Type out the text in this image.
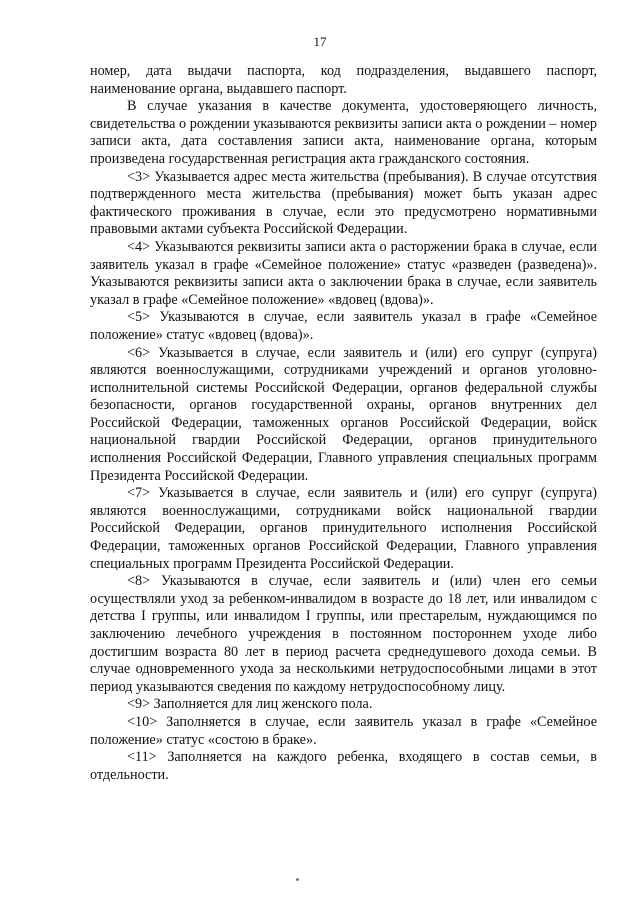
17

номер, дата выдачи паспорта, код подразделения, выдавшего паспорт, наименование органа, выдавшего паспорт.

В случае указания в качестве документа, удостоверяющего личность, свидетельства о рождении указываются реквизиты записи акта о рождении – номер записи акта, дата составления записи акта, наименование органа, которым произведена государственная регистрация акта гражданского состояния.

<3> Указывается адрес места жительства (пребывания). В случае отсутствия подтвержденного места жительства (пребывания) может быть указан адрес фактического проживания в случае, если это предусмотрено нормативными правовыми актами субъекта Российской Федерации.

<4> Указываются реквизиты записи акта о расторжении брака в случае, если заявитель указал в графе «Семейное положение» статус «разведен (разведена)». Указываются реквизиты записи акта о заключении брака в случае, если заявитель указал в графе «Семейное положение» «вдовец (вдова)».

<5> Указываются в случае, если заявитель указал в графе «Семейное положение» статус «вдовец (вдова)».

<6> Указывается в случае, если заявитель и (или) его супруг (супруга) являются военнослужащими, сотрудниками учреждений и органов уголовно-исполнительной системы Российской Федерации, органов федеральной службы безопасности, органов государственной охраны, органов внутренних дел Российской Федерации, таможенных органов Российской Федерации, войск национальной гвардии Российской Федерации, органов принудительного исполнения Российской Федерации, Главного управления специальных программ Президента Российской Федерации.

<7> Указывается в случае, если заявитель и (или) его супруг (супруга) являются военнослужащими, сотрудниками войск национальной гвардии Российской Федерации, органов принудительного исполнения Российской Федерации, таможенных органов Российской Федерации, Главного управления специальных программ Президента Российской Федерации.

<8> Указываются в случае, если заявитель и (или) член его семьи осуществляли уход за ребенком-инвалидом в возрасте до 18 лет, или инвалидом с детства I группы, или инвалидом I группы, или престарелым, нуждающимся по заключению лечебного учреждения в постоянном постороннем уходе либо достигшим возраста 80 лет в период расчета среднедушевого дохода семьи. В случае одновременного ухода за несколькими нетрудоспособными лицами в этот период указываются сведения по каждому нетрудоспособному лицу.

<9> Заполняется для лиц женского пола.

<10> Заполняется в случае, если заявитель указал в графе «Семейное положение» статус «состою в браке».

<11> Заполняется на каждого ребенка, входящего в состав семьи, в отдельности.
